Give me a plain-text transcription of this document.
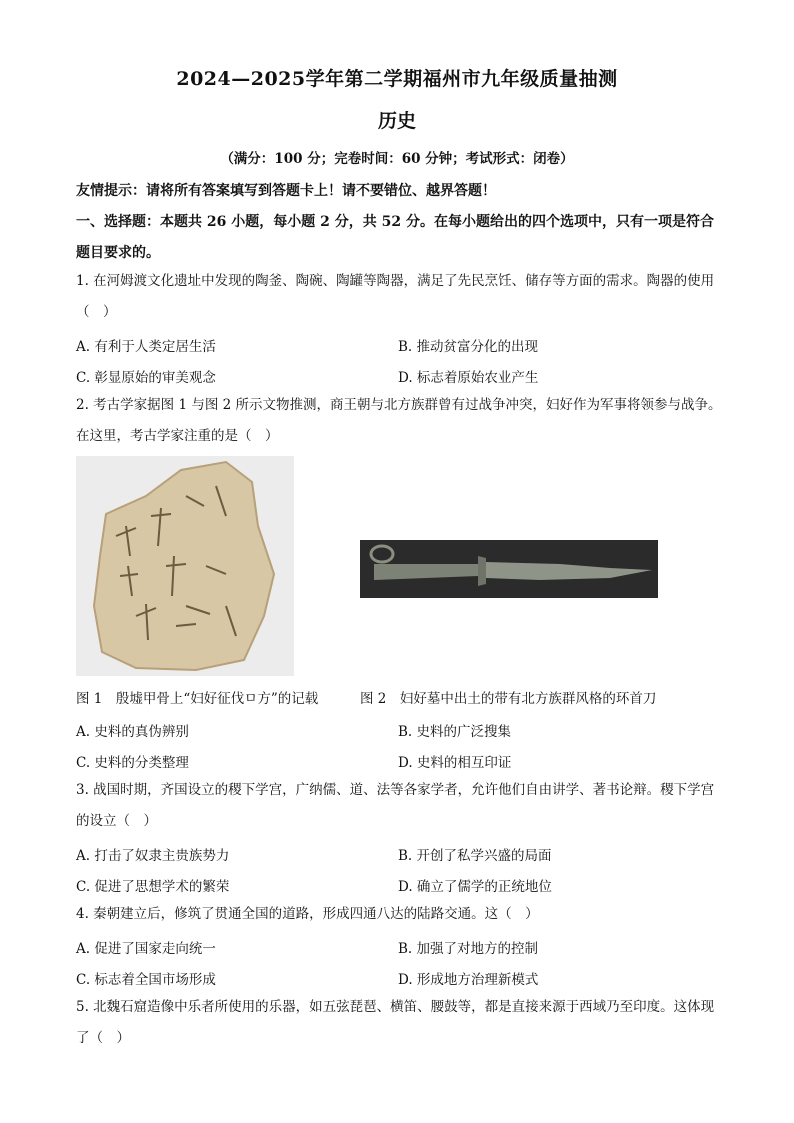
2024—2025学年第二学期福州市九年级质量抽测
历史
（满分：100 分；完卷时间：60 分钟；考试形式：闭卷）
友情提示：请将所有答案填写到答题卡上！请不要错位、越界答题！
一、选择题：本题共 26 小题，每小题 2 分，共 52 分。在每小题给出的四个选项中，只有一项是符合题目要求的。
1. 在河姆渡文化遗址中发现的陶釜、陶碗、陶罐等陶器，满足了先民烹饪、储存等方面的需求。陶器的使用（　）
A. 有利于人类定居生活	B. 推动贫富分化的出现
C. 彰显原始的审美观念	D. 标志着原始农业产生
2. 考古学家据图 1 与图 2 所示文物推测，商王朝与北方族群曾有过战争冲突，妇好作为军事将领参与战争。在这里，考古学家注重的是（　）
图 1　殷墟甲骨上“妇好征伐ㅁ方”的记载	图 2　妇好墓中出土的带有北方族群风格的环首刀
A. 史料的真伪辨别	B. 史料的广泛搜集
C. 史料的分类整理	D. 史料的相互印证
3. 战国时期，齐国设立的稷下学宫，广纳儒、道、法等各家学者，允许他们自由讲学、著书论辩。稷下学宫的设立（　）
A. 打击了奴隶主贵族势力	B. 开创了私学兴盛的局面
C. 促进了思想学术的繁荣	D. 确立了儒学的正统地位
4. 秦朝建立后，修筑了贯通全国的道路，形成四通八达的陆路交通。这（　）
A. 促进了国家走向统一	B. 加强了对地方的控制
C. 标志着全国市场形成	D. 形成地方治理新模式
5. 北魏石窟造像中乐者所使用的乐器，如五弦琵琶、横笛、腰鼓等，都是直接来源于西域乃至印度。这体现了（　）
